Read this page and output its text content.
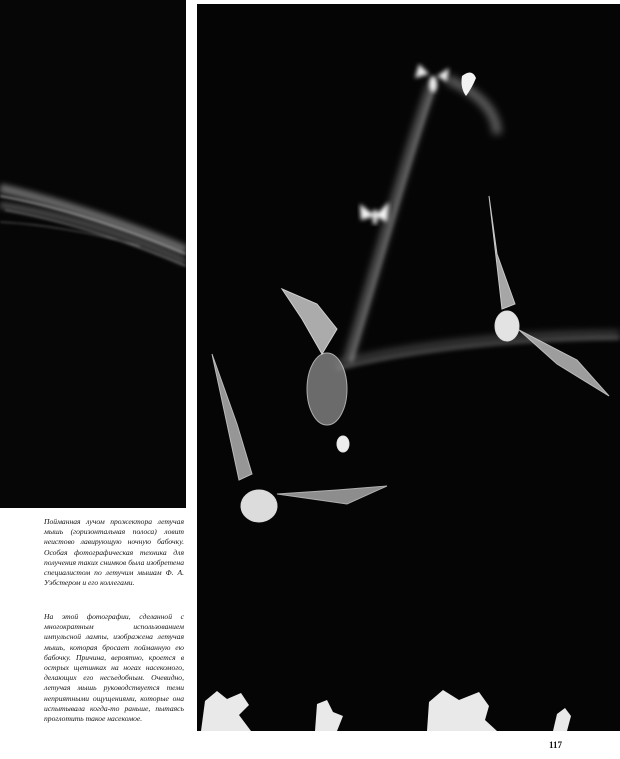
Пойманная лучом прожектора летучая мышь (горизонтальная полоса) ловит неистово лавирующую ночную бабочку. Особая фотографическая техника для получения таких снимков была изобретена специалистом по летучим мышам Ф. А. Уэбстером и его коллегами.

На этой фотографии, сделанной с многократным использованием импульсной лампы, изображена летучая мышь, которая бросает пойманную ею бабочку. Причина, вероятно, кроется в острых щетинках на ногах насекомого, делающих его несъедобным. Очевидно, летучая мышь руководствуется теми неприятными ощущениями, которые она испытывала когда-то раньше, пытаясь проглотить такое насекомое.

117
